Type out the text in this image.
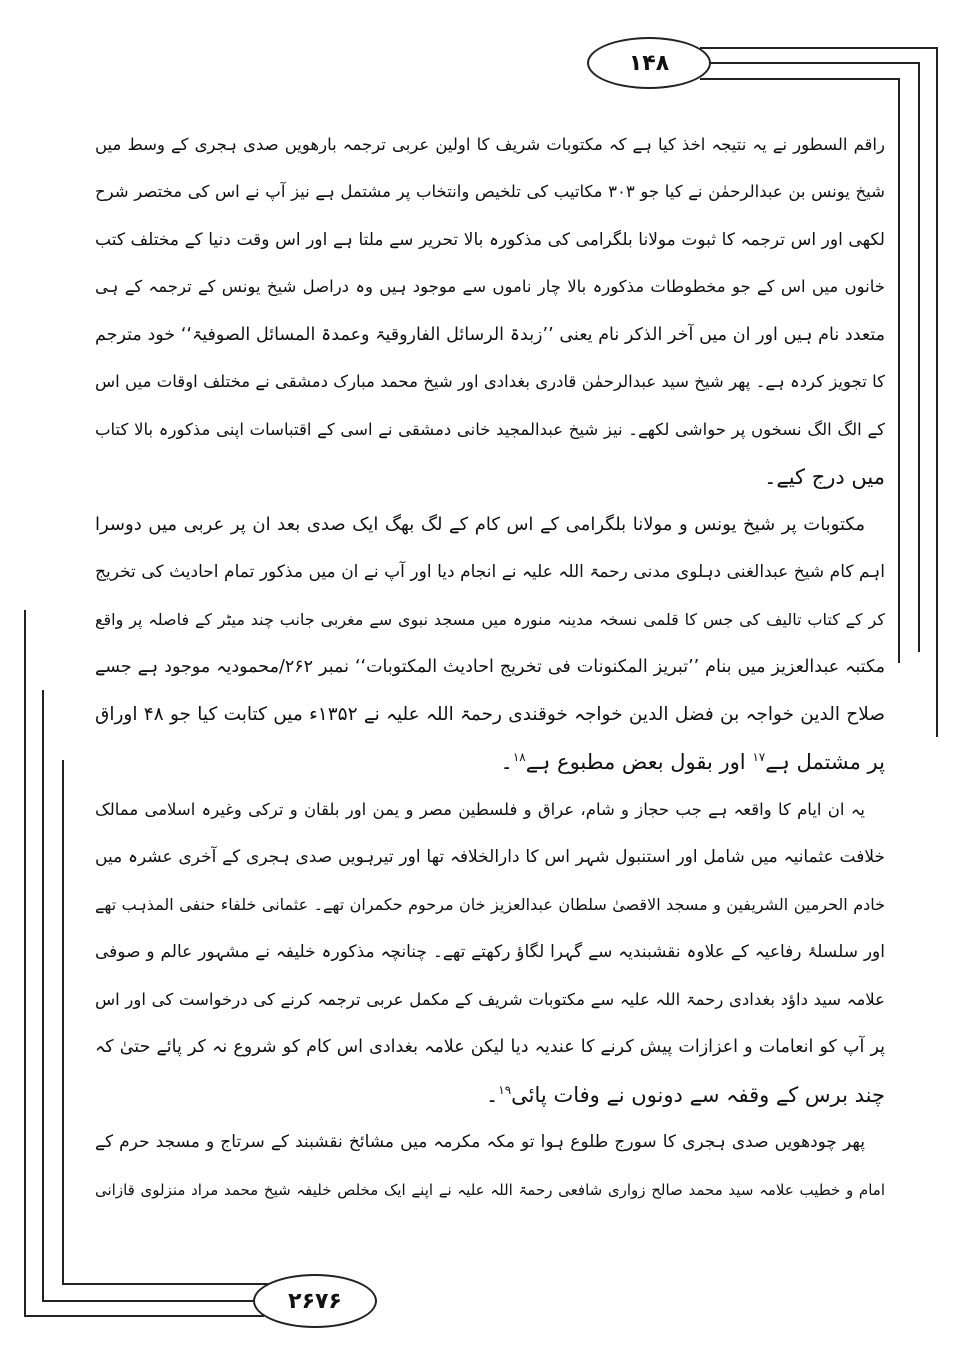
۱۴۸
۲۶۷۶
راقم السطور نے یہ نتیجہ اخذ کیا ہے کہ مکتوبات شریف کا اولین عربی ترجمہ بارھویں صدی ہجری کے وسط میں
شیخ یونس بن عبدالرحمٰن نے کیا جو ۳۰۳ مکاتیب کی تلخیص وانتخاب پر مشتمل ہے نیز آپ نے اس کی مختصر شرح
لکھی اور اس ترجمہ کا ثبوت مولانا بلگرامی کی مذکورہ بالا تحریر سے ملتا ہے اور اس وقت دنیا کے مختلف کتب
خانوں میں اس کے جو مخطوطات مذکورہ بالا چار ناموں سے موجود ہیں وہ دراصل شیخ یونس کے ترجمہ کے ہی
متعدد نام ہیں اور ان میں آخر الذکر نام یعنی ’’زبدۃ الرسائل الفاروقیۃ وعمدۃ المسائل الصوفیۃ‘‘ خود مترجم
کا تجویز کردہ ہے۔ پھر شیخ سید عبدالرحمٰن قادری بغدادی اور شیخ محمد مبارک دمشقی نے مختلف اوقات میں اس
کے الگ الگ نسخوں پر حواشی لکھے۔ نیز شیخ عبدالمجید خانی دمشقی نے اسی کے اقتباسات اپنی مذکورہ بالا کتاب
میں درج کیے۔
مکتوبات پر شیخ یونس و مولانا بلگرامی کے اس کام کے لگ بھگ ایک صدی بعد ان پر عربی میں دوسرا
اہم کام شیخ عبدالغنی دہلوی مدنی رحمۃ اللہ علیہ نے انجام دیا اور آپ نے ان میں مذکور تمام احادیث کی تخریج
کر کے کتاب تالیف کی جس کا قلمی نسخہ مدینہ منورہ میں مسجد نبوی سے مغربی جانب چند میٹر کے فاصلہ پر واقع
مکتبہ عبدالعزیز میں بنام ’’تبریز المکنونات فی تخریج احادیث المکتوبات‘‘ نمبر ۲۶۲/محمودیہ موجود ہے جسے
صلاح الدین خواجہ بن فضل الدین خواجہ خوقندی رحمۃ اللہ علیہ نے ۱۳۵۲ء میں کتابت کیا جو ۴۸ اوراق
پر مشتمل ہے$^{۱۷}$ اور بقول بعض مطبوع ہے$^{۱۸}$۔
یہ ان ایام کا واقعہ ہے جب حجاز و شام، عراق و فلسطین مصر و یمن اور بلقان و ترکی وغیرہ اسلامی ممالک
خلافت عثمانیہ میں شامل اور استنبول شہر اس کا دارالخلافہ تھا اور تیرہویں صدی ہجری کے آخری عشرہ میں
خادم الحرمین الشریفین و مسجد الاقصیٰ سلطان عبدالعزیز خان مرحوم حکمران تھے۔ عثمانی خلفاء حنفی المذہب تھے
اور سلسلۂ رفاعیہ کے علاوہ نقشبندیہ سے گہرا لگاؤ رکھتے تھے۔ چنانچہ مذکورہ خلیفہ نے مشہور عالم و صوفی
علامہ سید داؤد بغدادی رحمۃ اللہ علیہ سے مکتوبات شریف کے مکمل عربی ترجمہ کرنے کی درخواست کی اور اس
پر آپ کو انعامات و اعزازات پیش کرنے کا عندیہ دیا لیکن علامہ بغدادی اس کام کو شروع نہ کر پائے حتیٰ کہ
چند برس کے وقفہ سے دونوں نے وفات پائی$^{۱۹}$۔
پھر چودھویں صدی ہجری کا سورج طلوع ہوا تو مکہ مکرمہ میں مشائخ نقشبند کے سرتاج و مسجد حرم کے
امام و خطیب علامہ سید محمد صالح زواری شافعی رحمۃ اللہ علیہ نے اپنے ایک مخلص خلیفہ شیخ محمد مراد منزلوی قازانی
